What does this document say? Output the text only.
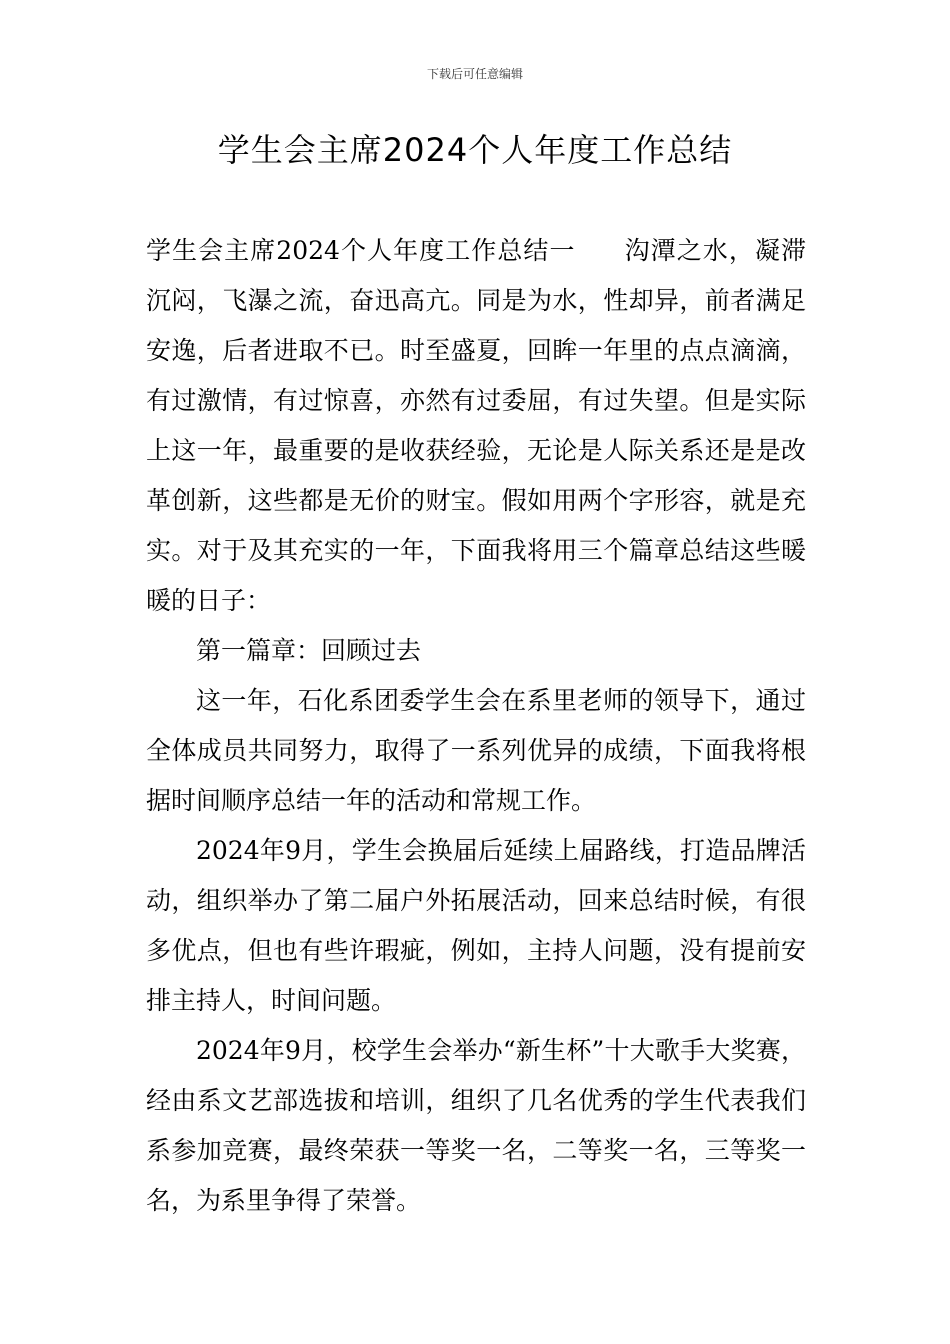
下载后可任意编辑
学生会主席2024个人年度工作总结

学生会主席2024个人年度工作总结一 沟潭之水，凝滞沉闷，飞瀑之流，奋迅高亢。同是为水，性却异，前者满足安逸，后者进取不已。时至盛夏，回眸一年里的点点滴滴，有过激情，有过惊喜，亦然有过委屈，有过失望。但是实际上这一年，最重要的是收获经验，无论是人际关系还是是改革创新，这些都是无价的财宝。假如用两个字形容，就是充实。对于及其充实的一年，下面我将用三个篇章总结这些暖暖的日子：

第一篇章：回顾过去

这一年，石化系团委学生会在系里老师的领导下，通过全体成员共同努力，取得了一系列优异的成绩，下面我将根据时间顺序总结一年的活动和常规工作。

2024年9月，学生会换届后延续上届路线，打造品牌活动，组织举办了第二届户外拓展活动，回来总结时候，有很多优点，但也有些许瑕疵，例如，主持人问题，没有提前安排主持人，时间问题。

2024年9月，校学生会举办“新生杯”十大歌手大奖赛，经由系文艺部选拔和培训，组织了几名优秀的学生代表我们系参加竞赛，最终荣获一等奖一名，二等奖一名，三等奖一名，为系里争得了荣誉。
